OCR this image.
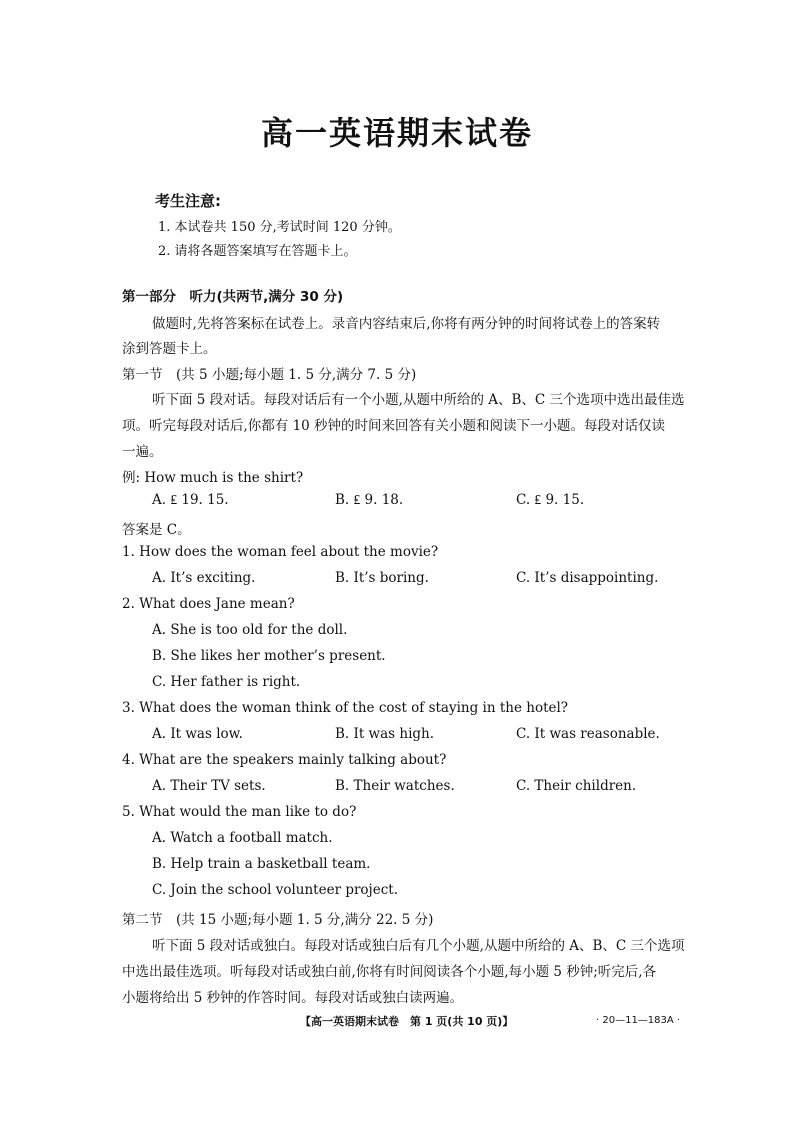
高一英语期末试卷
考生注意:
1. 本试卷共 150 分,考试时间 120 分钟。
2. 请将各题答案填写在答题卡上。
第一部分　听力(共两节,满分 30 分)
做题时,先将答案标在试卷上。录音内容结束后,你将有两分钟的时间将试卷上的答案转
涂到答题卡上。
第一节　(共 5 小题;每小题 1. 5 分,满分 7. 5 分)
听下面 5 段对话。每段对话后有一个小题,从题中所给的 A、B、C 三个选项中选出最佳选
项。听完每段对话后,你都有 10 秒钟的时间来回答有关小题和阅读下一小题。每段对话仅读
一遍。
例: How much is the shirt?
A. ₤ 19. 15.	B. ₤ 9. 18.	C. ₤ 9. 15.
答案是 C。
1. How does the woman feel about the movie?
A. It’s exciting.	B. It’s boring.	C. It’s disappointing.
2. What does Jane mean?
A. She is too old for the doll.
B. She likes her mother’s present.
C. Her father is right.
3. What does the woman think of the cost of staying in the hotel?
A. It was low.	B. It was high.	C. It was reasonable.
4. What are the speakers mainly talking about?
A. Their TV sets.	B. Their watches.	C. Their children.
5. What would the man like to do?
A. Watch a football match.
B. Help train a basketball team.
C. Join the school volunteer project.
第二节　(共 15 小题;每小题 1. 5 分,满分 22. 5 分)
听下面 5 段对话或独白。每段对话或独白后有几个小题,从题中所给的 A、B、C 三个选项
中选出最佳选项。听每段对话或独白前,你将有时间阅读各个小题,每小题 5 秒钟;听完后,各
小题将给出 5 秒钟的作答时间。每段对话或独白读两遍。
【高一英语期末试卷　第 1 页(共 10 页)】	· 20—11—183A ·
